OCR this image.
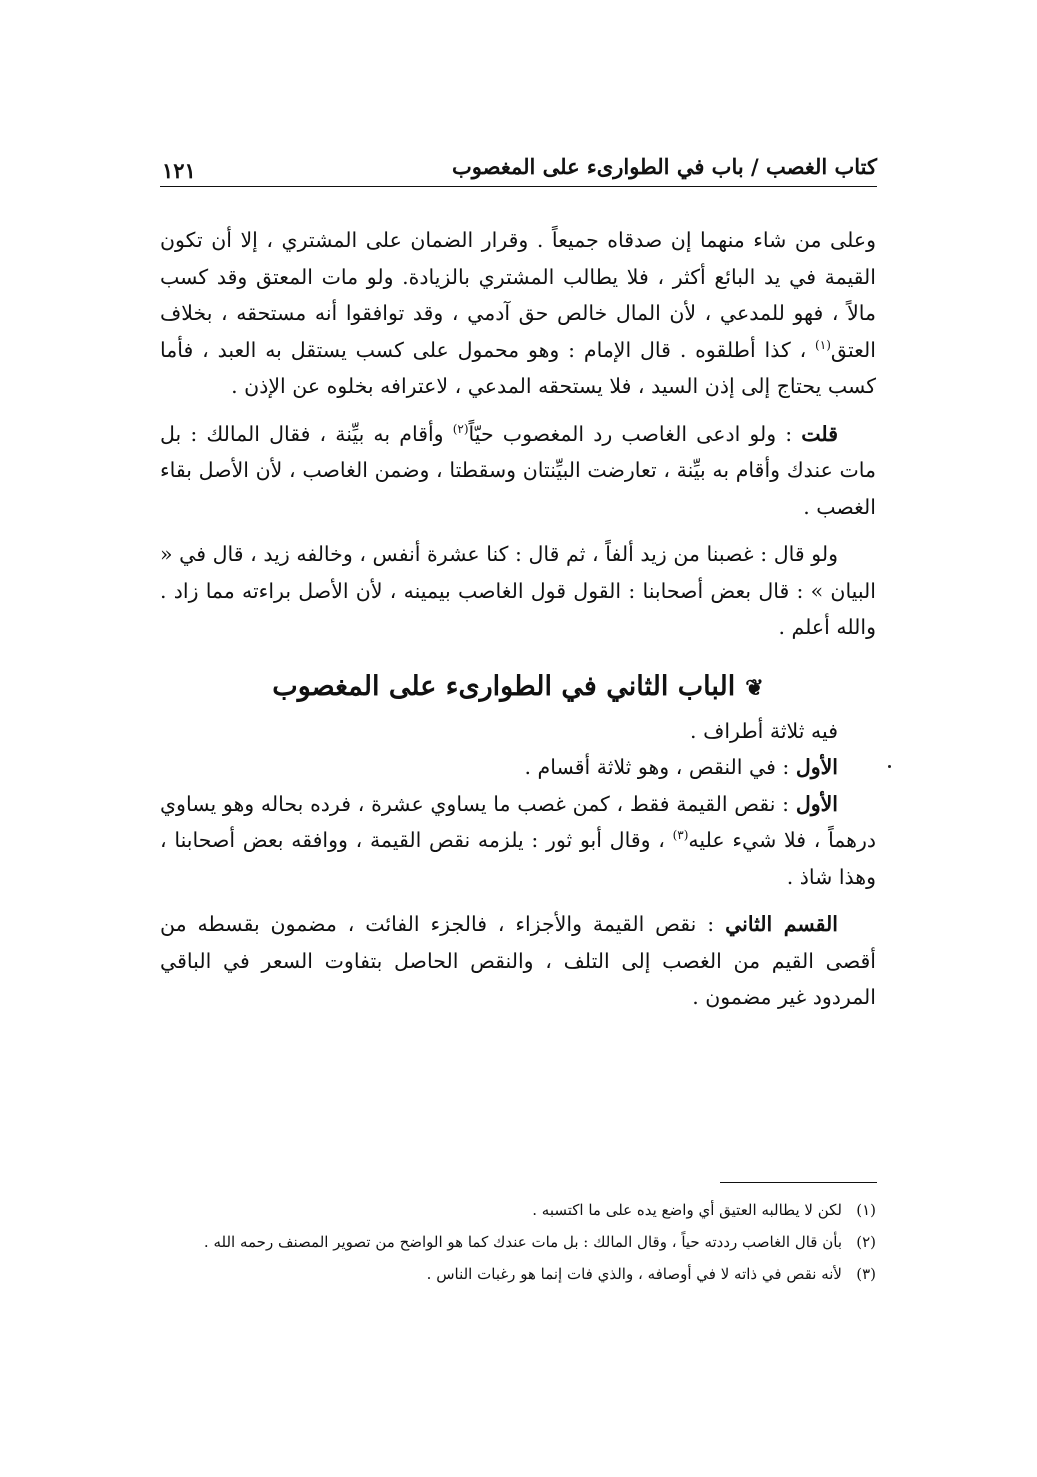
كتاب الغصب / باب في الطوارىء على المغصوب
١٢١

وعلى من شاء منهما إن صدقاه جميعاً . وقرار الضمان على المشتري ، إلا أن تكون القيمة في يد البائع أكثر ، فلا يطالب المشتري بالزيادة. ولو مات المعتق وقد كسب مالاً ، فهو للمدعي ، لأن المال خالص حق آدمي ، وقد توافقوا أنه مستحقه ، بخلاف العتق$^{(١)}$ ، كذا أطلقوه . قال الإمام : وهو محمول على كسب يستقل به العبد ، فأما كسب يحتاج إلى إذن السيد ، فلا يستحقه المدعي ، لاعترافه بخلوه عن الإذن .

قلت : ولو ادعى الغاصب رد المغصوب حيّاً$^{(٢)}$ وأقام به بيِّنة ، فقال المالك : بل مات عندك وأقام به بيِّنة ، تعارضت البيِّنتان وسقطتا ، وضمن الغاصب ، لأن الأصل بقاء الغصب .

ولو قال : غصبنا من زيد ألفاً ، ثم قال : كنا عشرة أنفس ، وخالفه زيد ، قال في « البيان » : قال بعض أصحابنا : القول قول الغاصب بيمينه ، لأن الأصل براءته مما زاد . والله أعلم .

❦الباب الثاني في الطوارىء على المغصوب

فيه ثلاثة أطراف .

الأول : في النقص ، وهو ثلاثة أقسام .

الأول : نقص القيمة فقط ، كمن غصب ما يساوي عشرة ، فرده بحاله وهو يساوي درهماً ، فلا شيء عليه$^{(٣)}$ ، وقال أبو ثور : يلزمه نقص القيمة ، ووافقه بعض أصحابنا ، وهذا شاذ .

القسم الثاني : نقص القيمة والأجزاء ، فالجزء الفائت ، مضمون بقسطه من أقصى القيم من الغصب إلى التلف ، والنقص الحاصل بتفاوت السعر في الباقي المردود غير مضمون .

(١)
لكن لا يطالبه العتيق أي واضع يده على ما اكتسبه .

(٢)
بأن قال الغاصب رددته حياً ، وقال المالك : بل مات عندك كما هو الواضح من تصوير المصنف رحمه الله .

(٣)
لأنه نقص في ذاته لا في أوصافه ، والذي فات إنما هو رغبات الناس .
